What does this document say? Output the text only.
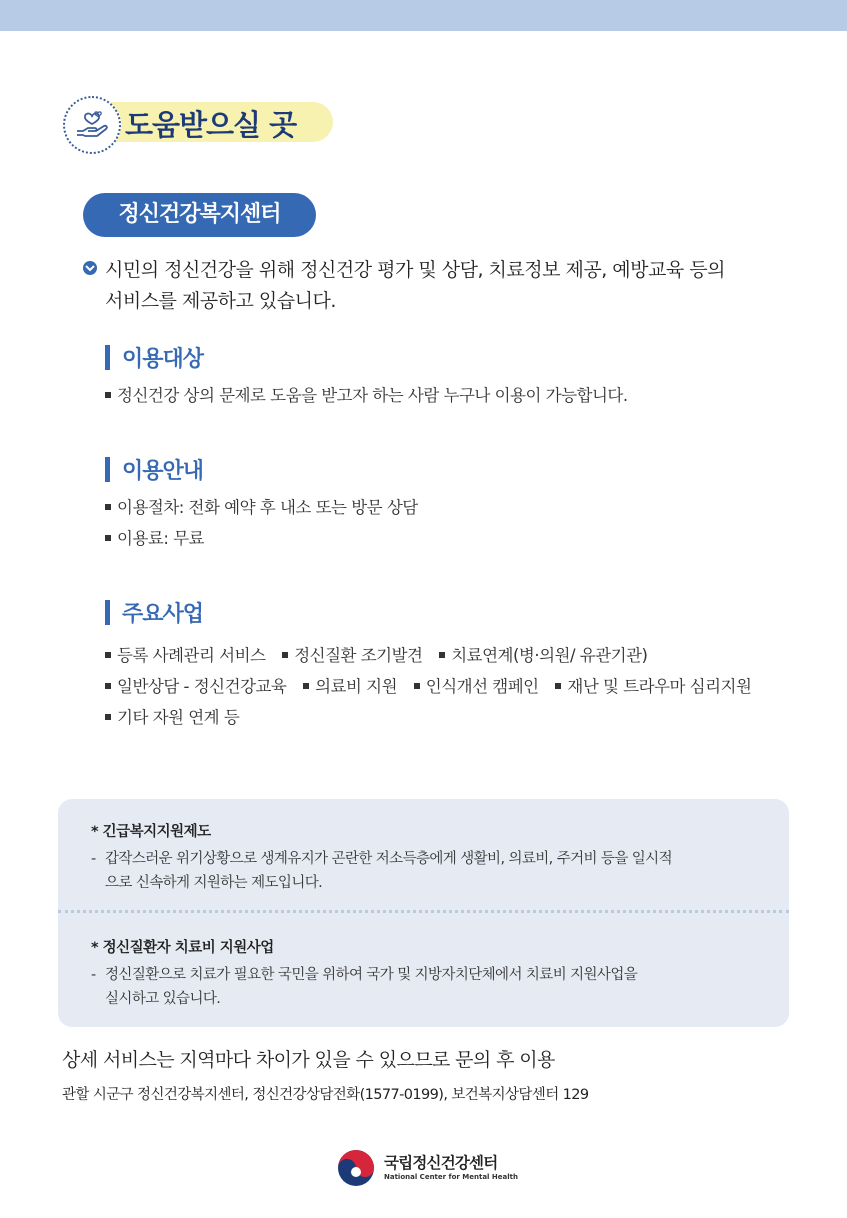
도움받으실 곳
정신건강복지센터
시민의 정신건강을 위해 정신건강 평가 및 상담, 치료정보 제공, 예방교육 등의
서비스를 제공하고 있습니다.
이용대상
정신건강 상의 문제로 도움을 받고자 하는 사람 누구나 이용이 가능합니다.
이용안내
이용절차: 전화 예약 후 내소 또는 방문 상담
이용료: 무료
주요사업
등록 사례관리 서비스 정신질환 조기발견 치료연계(병·의원/ 유관기관)
일반상담 - 정신건강교육 의료비 지원 인식개선 캠페인 재난 및 트라우마 심리지원
기타 자원 연계 등
* 긴급복지지원제도
- 갑작스러운 위기상황으로 생계유지가 곤란한 저소득층에게 생활비, 의료비, 주거비 등을 일시적
으로 신속하게 지원하는 제도입니다.
* 정신질환자 치료비 지원사업
- 정신질환으로 치료가 필요한 국민을 위하여 국가 및 지방자치단체에서 치료비 지원사업을
실시하고 있습니다.
상세 서비스는 지역마다 차이가 있을 수 있으므로 문의 후 이용
관할 시군구 정신건강복지센터, 정신건강상담전화(1577-0199), 보건복지상담센터 129
국립정신건강센터
National Center for Mental Health
